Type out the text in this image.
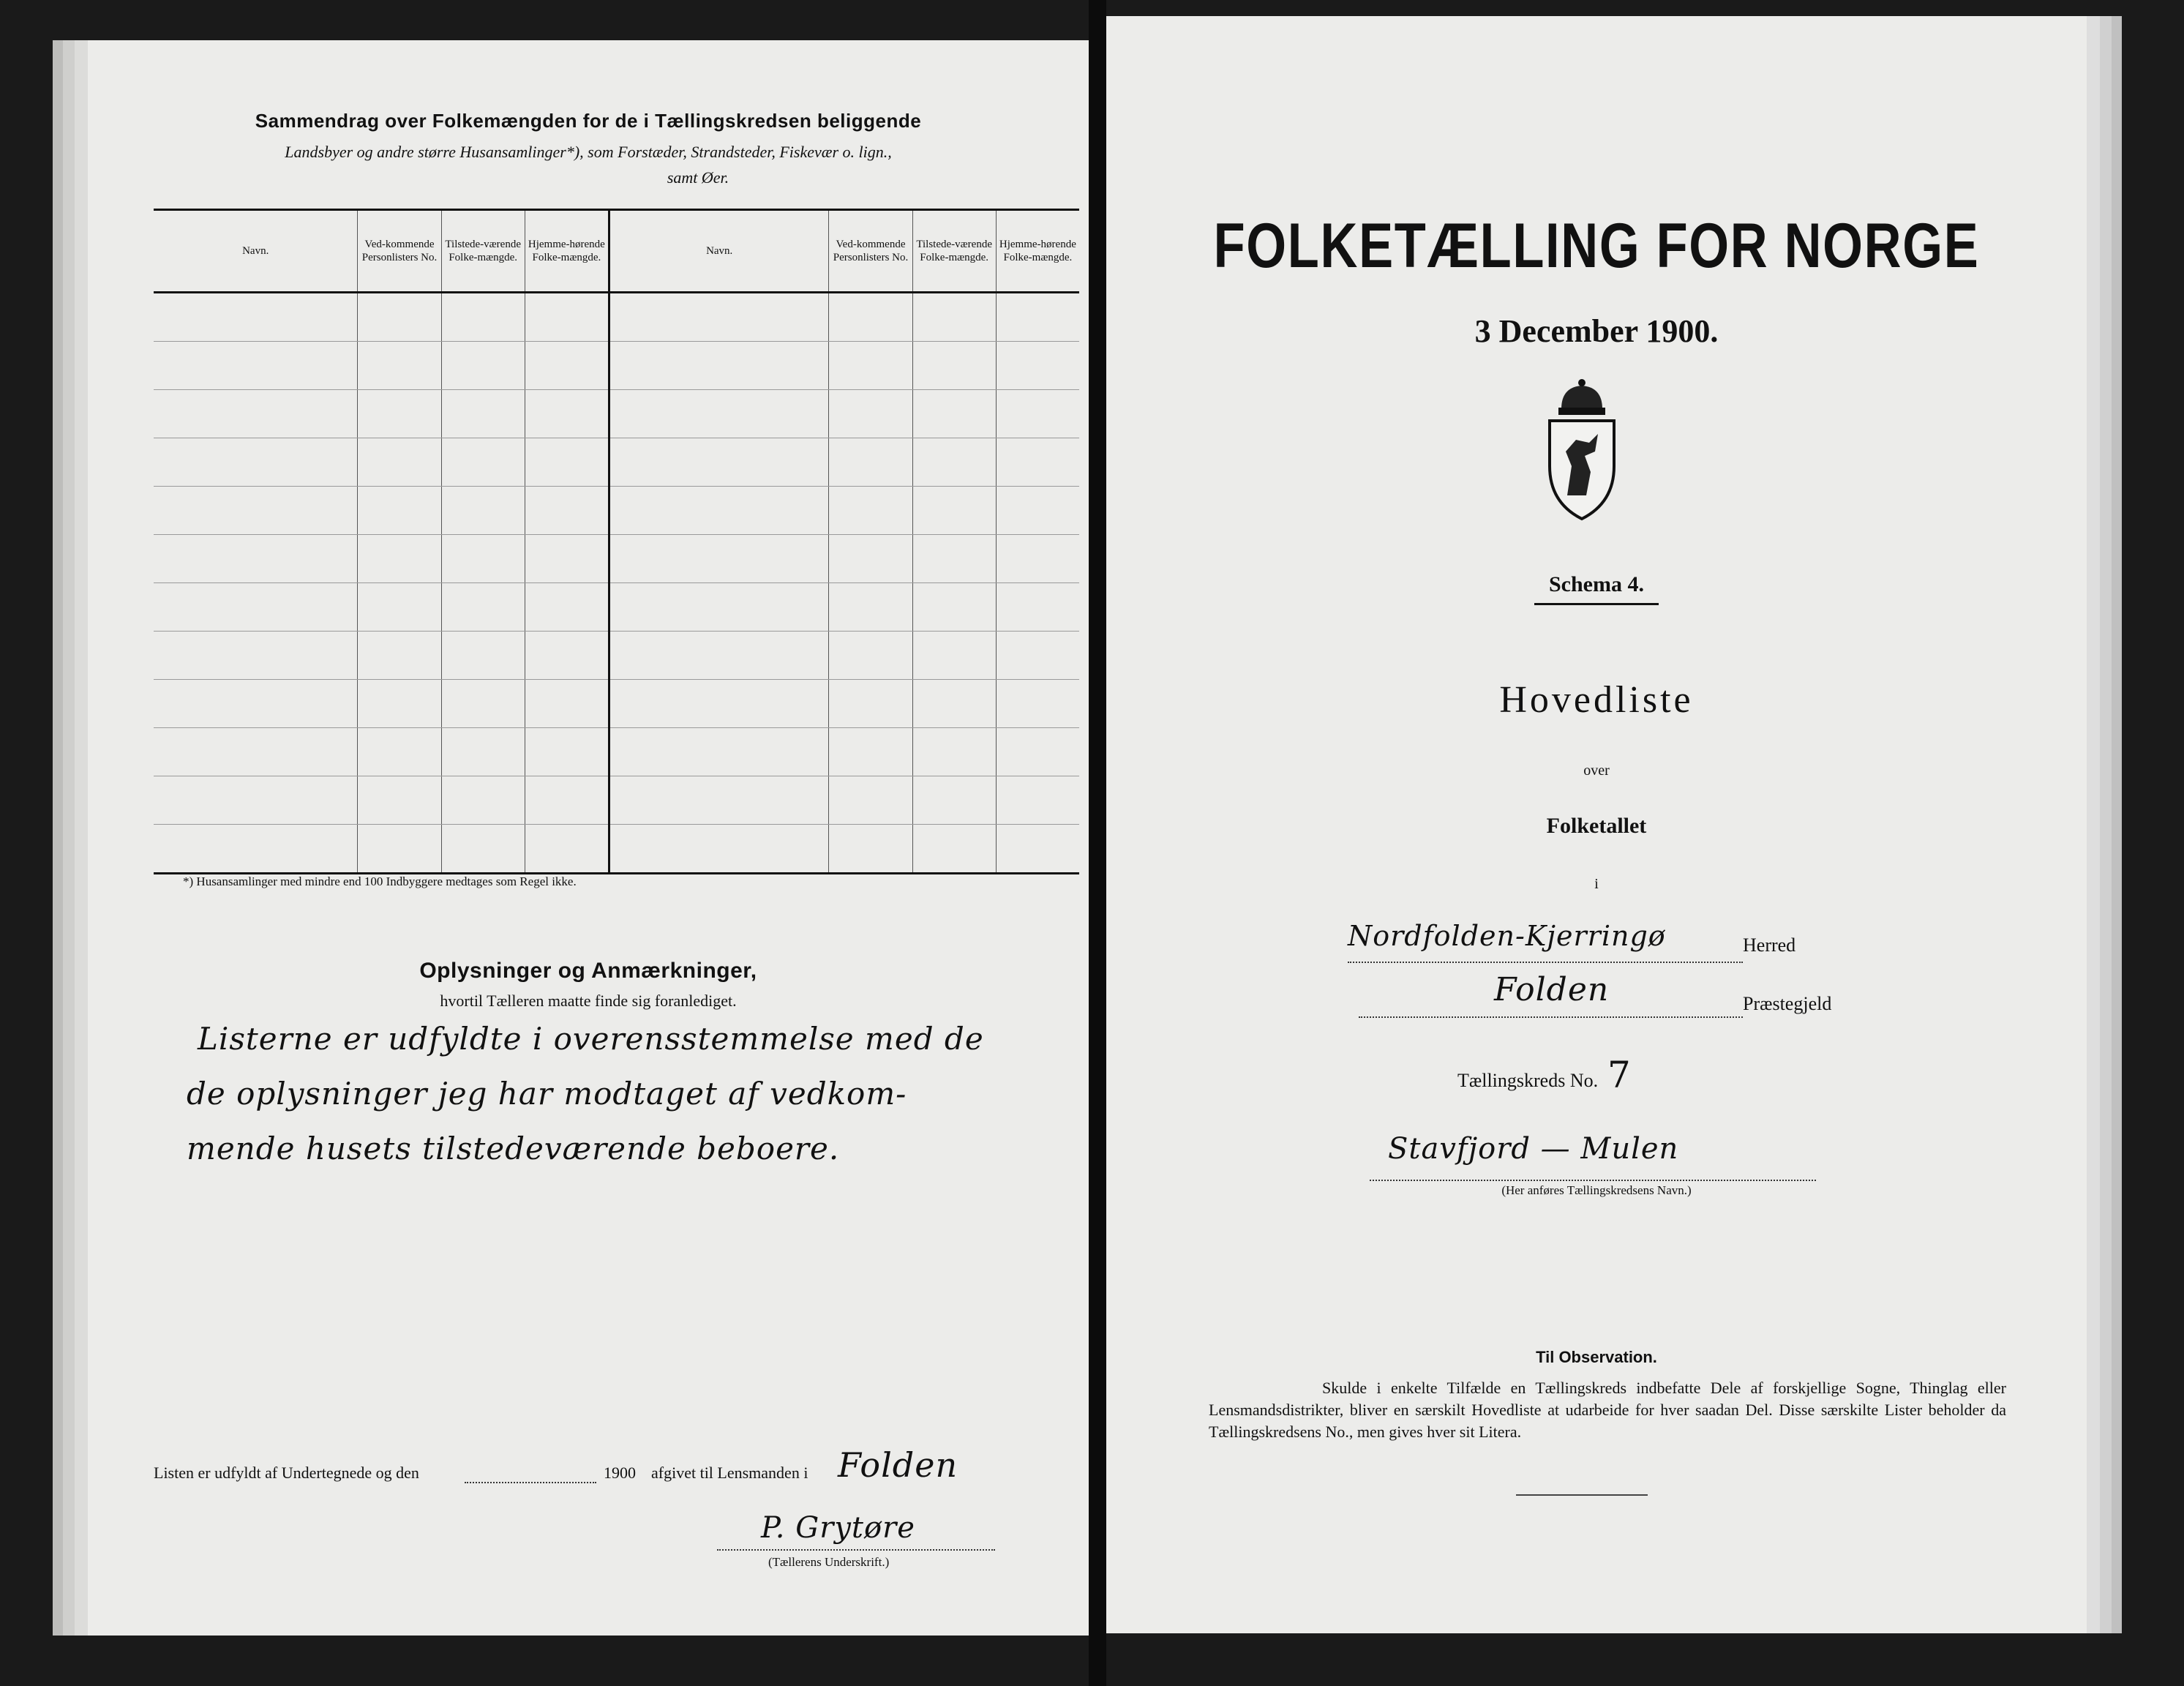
Sammendrag over Folkemængden for de i Tællingskredsen beliggende
Landsbyer og andre større Husansamlinger*), som Forstæder, Strandsteder, Fiskevær o. lign.,
samt Øer.
Navn.	Ved-kommende Personlisters No.	Tilstede-værende Folke-mængde.	Hjemme-hørende Folke-mængde.	Navn.	Ved-kommende Personlisters No.	Tilstede-værende Folke-mængde.	Hjemme-hørende Folke-mængde.

*) Husansamlinger med mindre end 100 Indbyggere medtages som Regel ikke.
Oplysninger og Anmærkninger,
hvortil Tælleren maatte finde sig foranlediget.
Listerne er udfyldte i overensstemmelse med de
de oplysninger jeg har modtaget af vedkom-
mende husets tilstedeværende beboere.
Listen er udfyldt af Undertegnede og den	1900 afgivet til Lensmanden i Folden
P. Grytøre
(Tællerens Underskrift.)
FOLKETÆLLING FOR NORGE
3 December 1900.
Schema 4.
Hovedliste
over
Folketallet
i
Nordfolden-Kjerringø	Herred
Folden	Præstegjeld
Tællingskreds No. 7
Stavfjord — Mulen
(Her anføres Tællingskredsens Navn.)
Til Observation.
Skulde i enkelte Tilfælde en Tællingskreds indbefatte Dele af forskjellige Sogne, Thinglag eller Lensmandsdistrikter, bliver en særskilt Hovedliste at udarbeide for hver saadan Del. Disse særskilte Lister beholder da Tællingskredsens No., men gives hver sit Litera.
